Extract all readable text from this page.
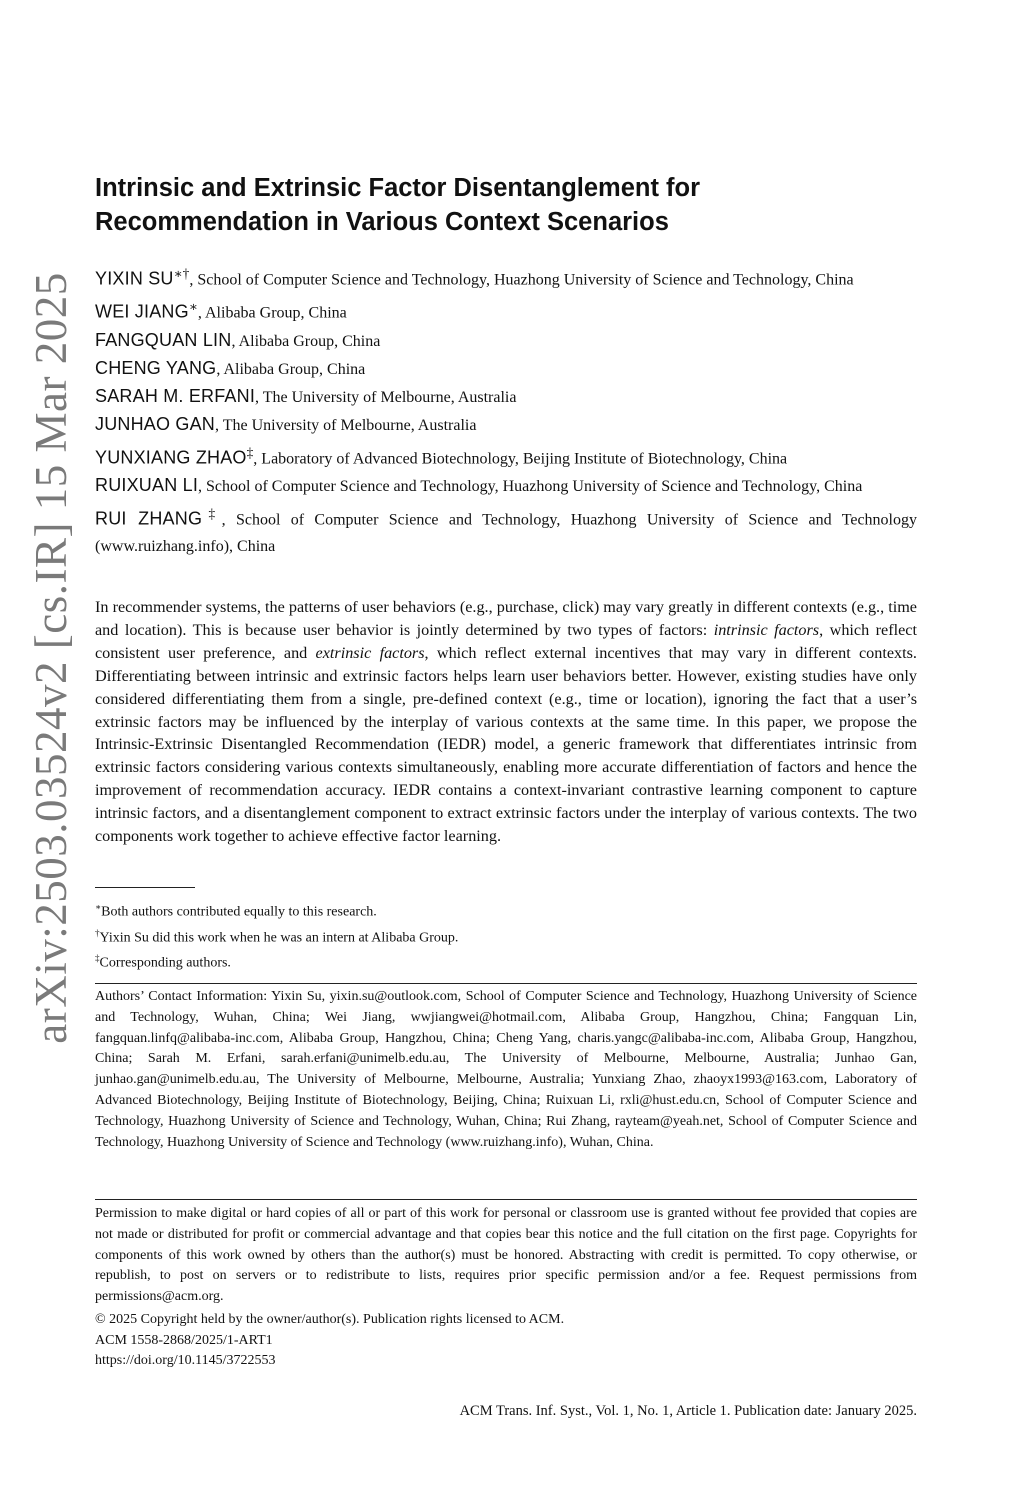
arXiv:2503.03524v2 [cs.IR] 15 Mar 2025
Intrinsic and Extrinsic Factor Disentanglement for
Recommendation in Various Context Scenarios
YIXIN SU∗†, School of Computer Science and Technology, Huazhong University of Science and Technology, China
WEI JIANG∗, Alibaba Group, China
FANGQUAN LIN, Alibaba Group, China
CHENG YANG, Alibaba Group, China
SARAH M. ERFANI, The University of Melbourne, Australia
JUNHAO GAN, The University of Melbourne, Australia
YUNXIANG ZHAO‡, Laboratory of Advanced Biotechnology, Beijing Institute of Biotechnology, China
RUIXUAN LI, School of Computer Science and Technology, Huazhong University of Science and Technology, China
RUI ZHANG‡, School of Computer Science and Technology, Huazhong University of Science and Technology (www.ruizhang.info), China

In recommender systems, the patterns of user behaviors (e.g., purchase, click) may vary greatly in different contexts (e.g., time and location). This is because user behavior is jointly determined by two types of factors: intrinsic factors, which reflect consistent user preference, and extrinsic factors, which reflect external incentives that may vary in different contexts. Differentiating between intrinsic and extrinsic factors helps learn user behaviors better. However, existing studies have only considered differentiating them from a single, pre-defined context (e.g., time or location), ignoring the fact that a user’s extrinsic factors may be influenced by the interplay of various contexts at the same time. In this paper, we propose the Intrinsic-Extrinsic Disentangled Recommendation (IEDR) model, a generic framework that differentiates intrinsic from extrinsic factors considering various contexts simultaneously, enabling more accurate differentiation of factors and hence the improvement of recommendation accuracy. IEDR contains a context-invariant contrastive learning component to capture intrinsic factors, and a disentanglement component to extract extrinsic factors under the interplay of various contexts. The two components work together to achieve effective factor learning.

∗Both authors contributed equally to this research.
†Yixin Su did this work when he was an intern at Alibaba Group.
‡Corresponding authors.

Authors’ Contact Information: Yixin Su, yixin.su@outlook.com, School of Computer Science and Technology, Huazhong University of Science and Technology, Wuhan, China; Wei Jiang, wwjiangwei@hotmail.com, Alibaba Group, Hangzhou, China; Fangquan Lin, fangquan.linfq@alibaba-inc.com, Alibaba Group, Hangzhou, China; Cheng Yang, charis.yangc@alibaba-inc.com, Alibaba Group, Hangzhou, China; Sarah M. Erfani, sarah.erfani@unimelb.edu.au, The University of Melbourne, Melbourne, Australia; Junhao Gan, junhao.gan@unimelb.edu.au, The University of Melbourne, Melbourne, Australia; Yunxiang Zhao, zhaoyx1993@163.com, Laboratory of Advanced Biotechnology, Beijing Institute of Biotechnology, Beijing, China; Ruixuan Li, rxli@hust.edu.cn, School of Computer Science and Technology, Huazhong University of Science and Technology, Wuhan, China; Rui Zhang, rayteam@yeah.net, School of Computer Science and Technology, Huazhong University of Science and Technology (www.ruizhang.info), Wuhan, China.

Permission to make digital or hard copies of all or part of this work for personal or classroom use is granted without fee provided that copies are not made or distributed for profit or commercial advantage and that copies bear this notice and the full citation on the first page. Copyrights for components of this work owned by others than the author(s) must be honored. Abstracting with credit is permitted. To copy otherwise, or republish, to post on servers or to redistribute to lists, requires prior specific permission and/or a fee. Request permissions from permissions@acm.org.

© 2025 Copyright held by the owner/author(s). Publication rights licensed to ACM.
ACM 1558-2868/2025/1-ART1
https://doi.org/10.1145/3722553
ACM Trans. Inf. Syst., Vol. 1, No. 1, Article 1. Publication date: January 2025.
